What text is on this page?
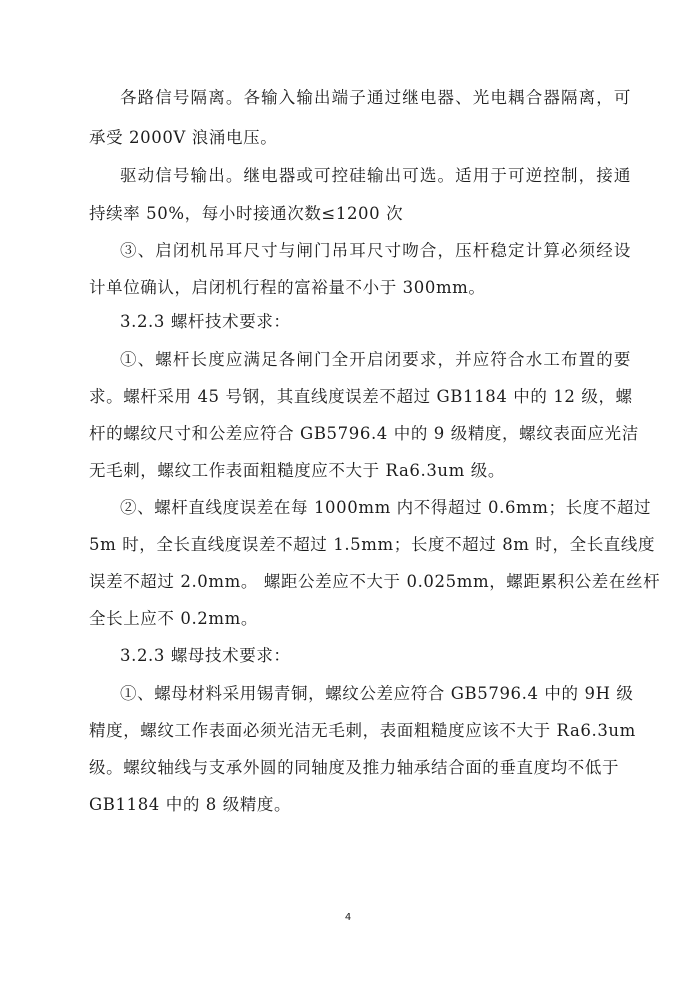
各路信号隔离。各输入输出端子通过继电器、光电耦合器隔离，可
承受 2000V 浪涌电压。
驱动信号输出。继电器或可控硅输出可选。适用于可逆控制，接通
持续率 50%，每小时接通次数≤1200 次
③、启闭机吊耳尺寸与闸门吊耳尺寸吻合，压杆稳定计算必须经设
计单位确认，启闭机行程的富裕量不小于 300mm。
3.2.3 螺杆技术要求：
①、螺杆长度应满足各闸门全开启闭要求，并应符合水工布置的要
求。螺杆采用 45 号钢，其直线度误差不超过 GB1184 中的 12 级，螺
杆的螺纹尺寸和公差应符合 GB5796.4 中的 9 级精度，螺纹表面应光洁
无毛刺，螺纹工作表面粗糙度应不大于 Ra6.3um 级。
②、螺杆直线度误差在每 1000mm 内不得超过 0.6mm；长度不超过
5m 时，全长直线度误差不超过 1.5mm；长度不超过 8m 时，全长直线度
误差不超过 2.0mm。 螺距公差应不大于 0.025mm，螺距累积公差在丝杆
全长上应不 0.2mm。
3.2.3 螺母技术要求：
①、螺母材料采用锡青铜，螺纹公差应符合 GB5796.4 中的 9H 级
精度，螺纹工作表面必须光洁无毛刺，表面粗糙度应该不大于 Ra6.3um
级。螺纹轴线与支承外圆的同轴度及推力轴承结合面的垂直度均不低于
GB1184 中的 8 级精度。
4
